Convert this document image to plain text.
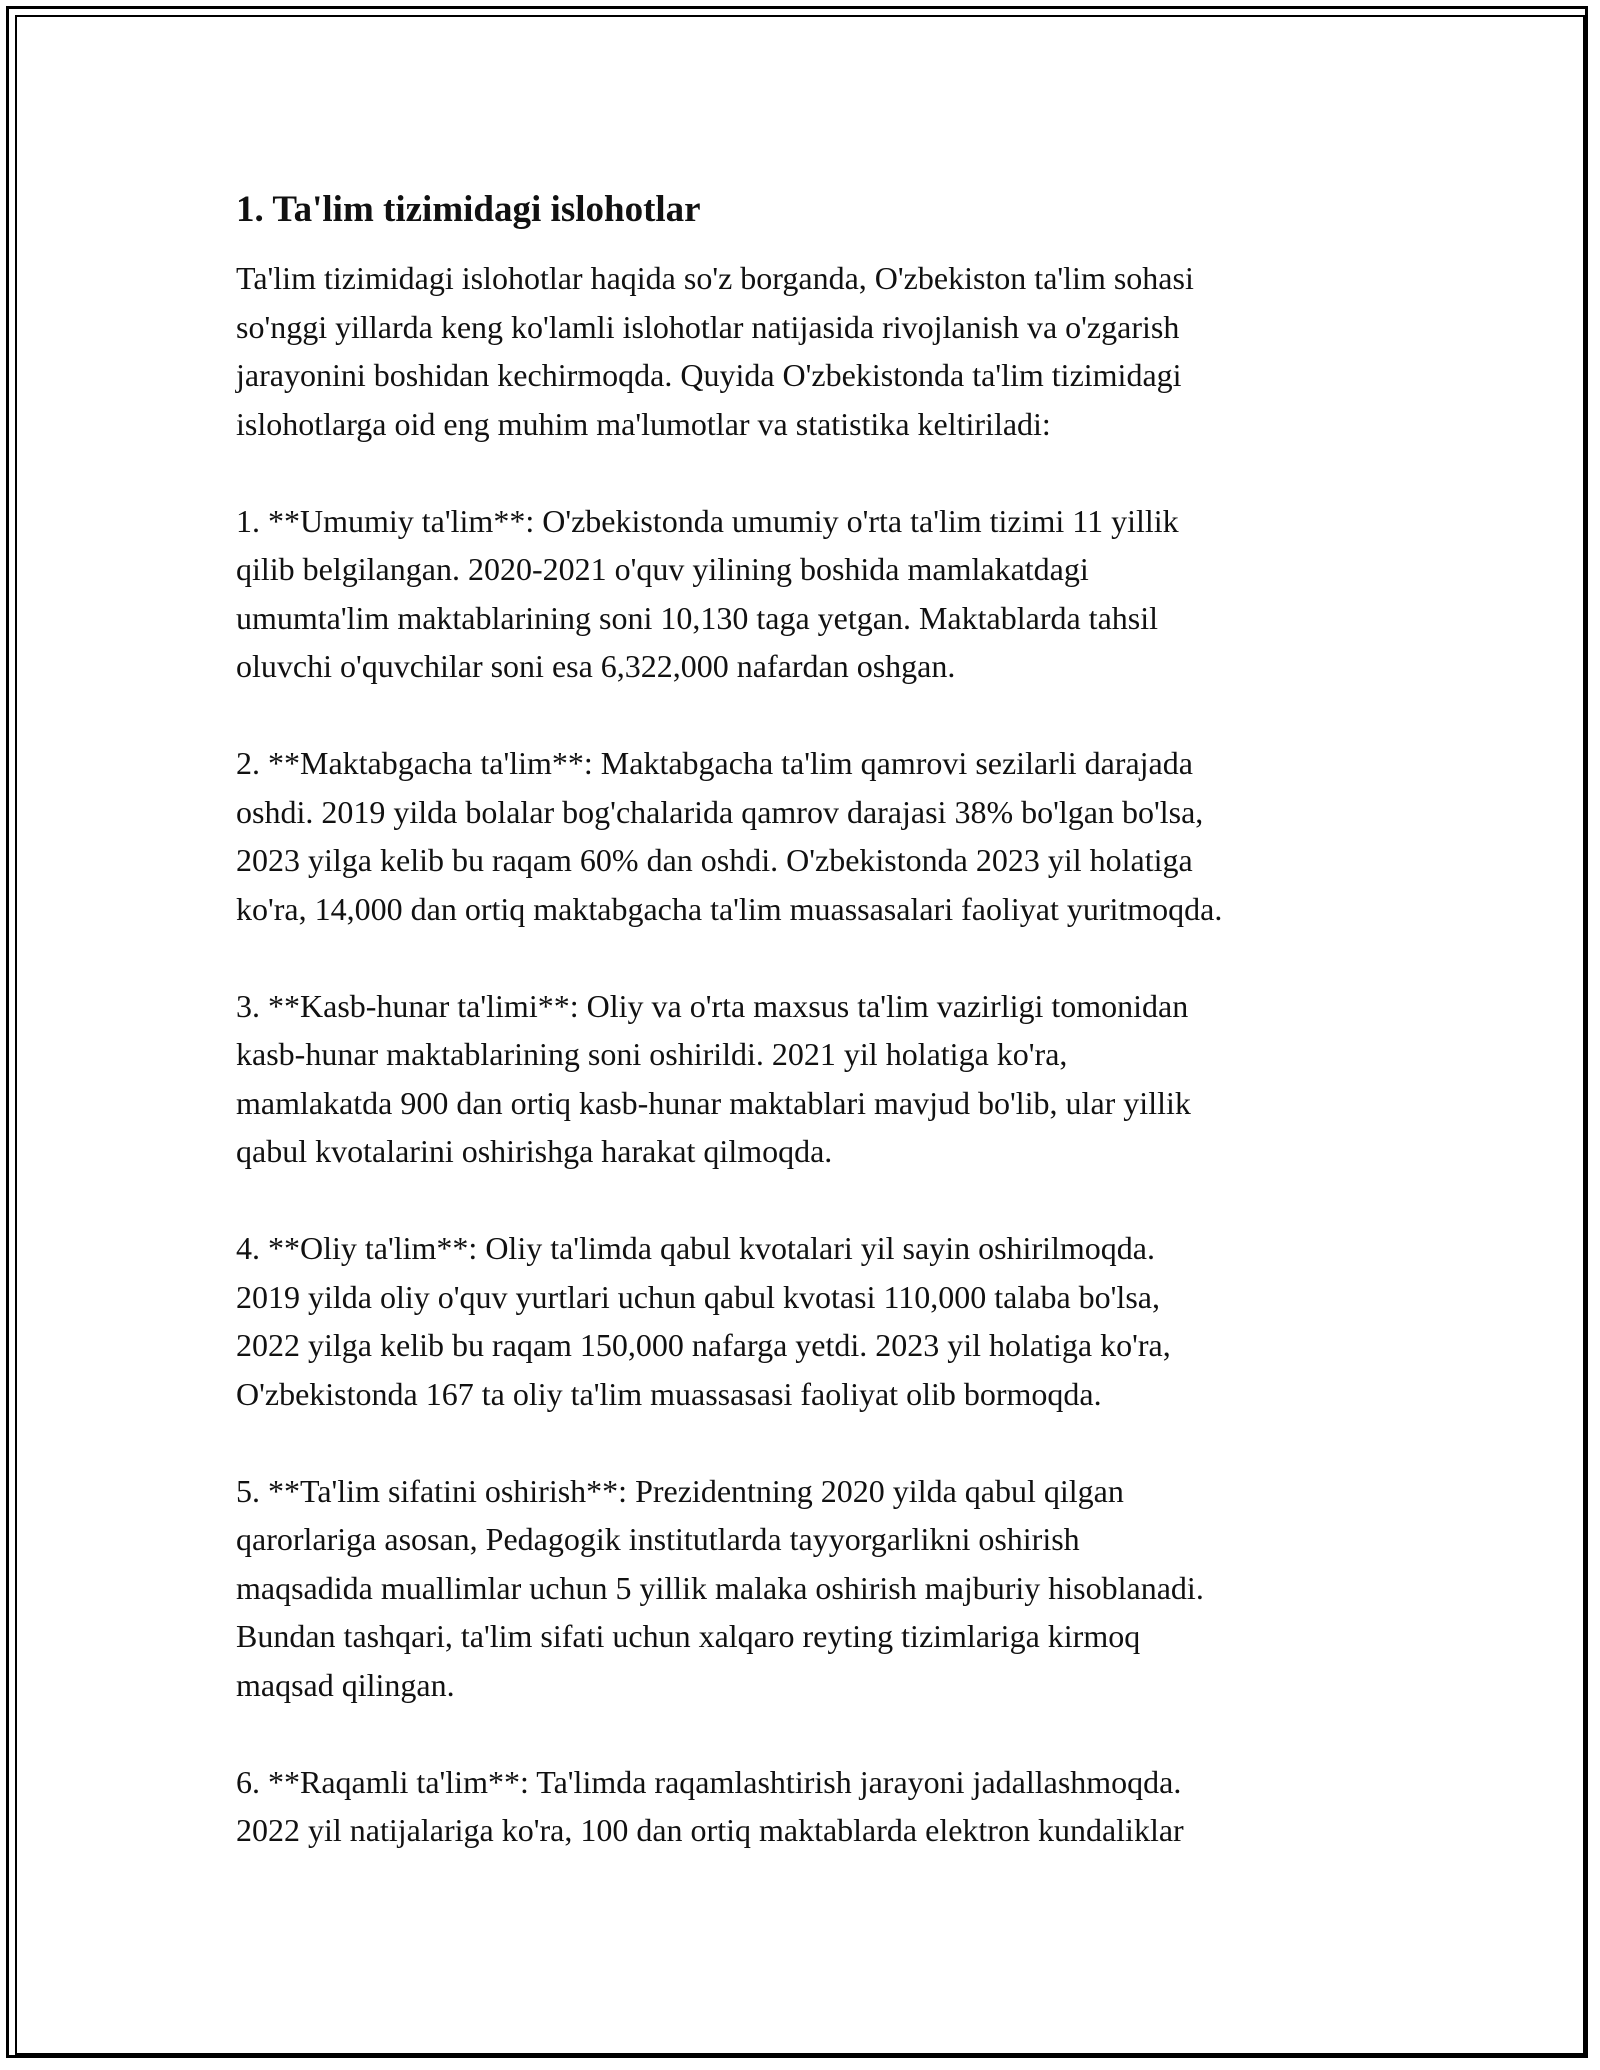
1. Ta'lim tizimidagi islohotlar
Ta'lim tizimidagi islohotlar haqida so'z borganda, O'zbekiston ta'lim sohasi
so'nggi yillarda keng ko'lamli islohotlar natijasida rivojlanish va o'zgarish
jarayonini boshidan kechirmoqda. Quyida O'zbekistonda ta'lim tizimidagi
islohotlarga oid eng muhim ma'lumotlar va statistika keltiriladi:
1. **Umumiy ta'lim**: O'zbekistonda umumiy o'rta ta'lim tizimi 11 yillik
qilib belgilangan. 2020-2021 o'quv yilining boshida mamlakatdagi
umumta'lim maktablarining soni 10,130 taga yetgan. Maktablarda tahsil
oluvchi o'quvchilar soni esa 6,322,000 nafardan oshgan.
2. **Maktabgacha ta'lim**: Maktabgacha ta'lim qamrovi sezilarli darajada
oshdi. 2019 yilda bolalar bog'chalarida qamrov darajasi 38% bo'lgan bo'lsa,
2023 yilga kelib bu raqam 60% dan oshdi. O'zbekistonda 2023 yil holatiga
ko'ra, 14,000 dan ortiq maktabgacha ta'lim muassasalari faoliyat yuritmoqda.
3. **Kasb-hunar ta'limi**: Oliy va o'rta maxsus ta'lim vazirligi tomonidan
kasb-hunar maktablarining soni oshirildi. 2021 yil holatiga ko'ra,
mamlakatda 900 dan ortiq kasb-hunar maktablari mavjud bo'lib, ular yillik
qabul kvotalarini oshirishga harakat qilmoqda.
4. **Oliy ta'lim**: Oliy ta'limda qabul kvotalari yil sayin oshirilmoqda.
2019 yilda oliy o'quv yurtlari uchun qabul kvotasi 110,000 talaba bo'lsa,
2022 yilga kelib bu raqam 150,000 nafarga yetdi. 2023 yil holatiga ko'ra,
O'zbekistonda 167 ta oliy ta'lim muassasasi faoliyat olib bormoqda.
5. **Ta'lim sifatini oshirish**: Prezidentning 2020 yilda qabul qilgan
qarorlariga asosan, Pedagogik institutlarda tayyorgarlikni oshirish
maqsadida muallimlar uchun 5 yillik malaka oshirish majburiy hisoblanadi.
Bundan tashqari, ta'lim sifati uchun xalqaro reyting tizimlariga kirmoq
maqsad qilingan.
6. **Raqamli ta'lim**: Ta'limda raqamlashtirish jarayoni jadallashmoqda.
2022 yil natijalariga ko'ra, 100 dan ortiq maktablarda elektron kundaliklar
